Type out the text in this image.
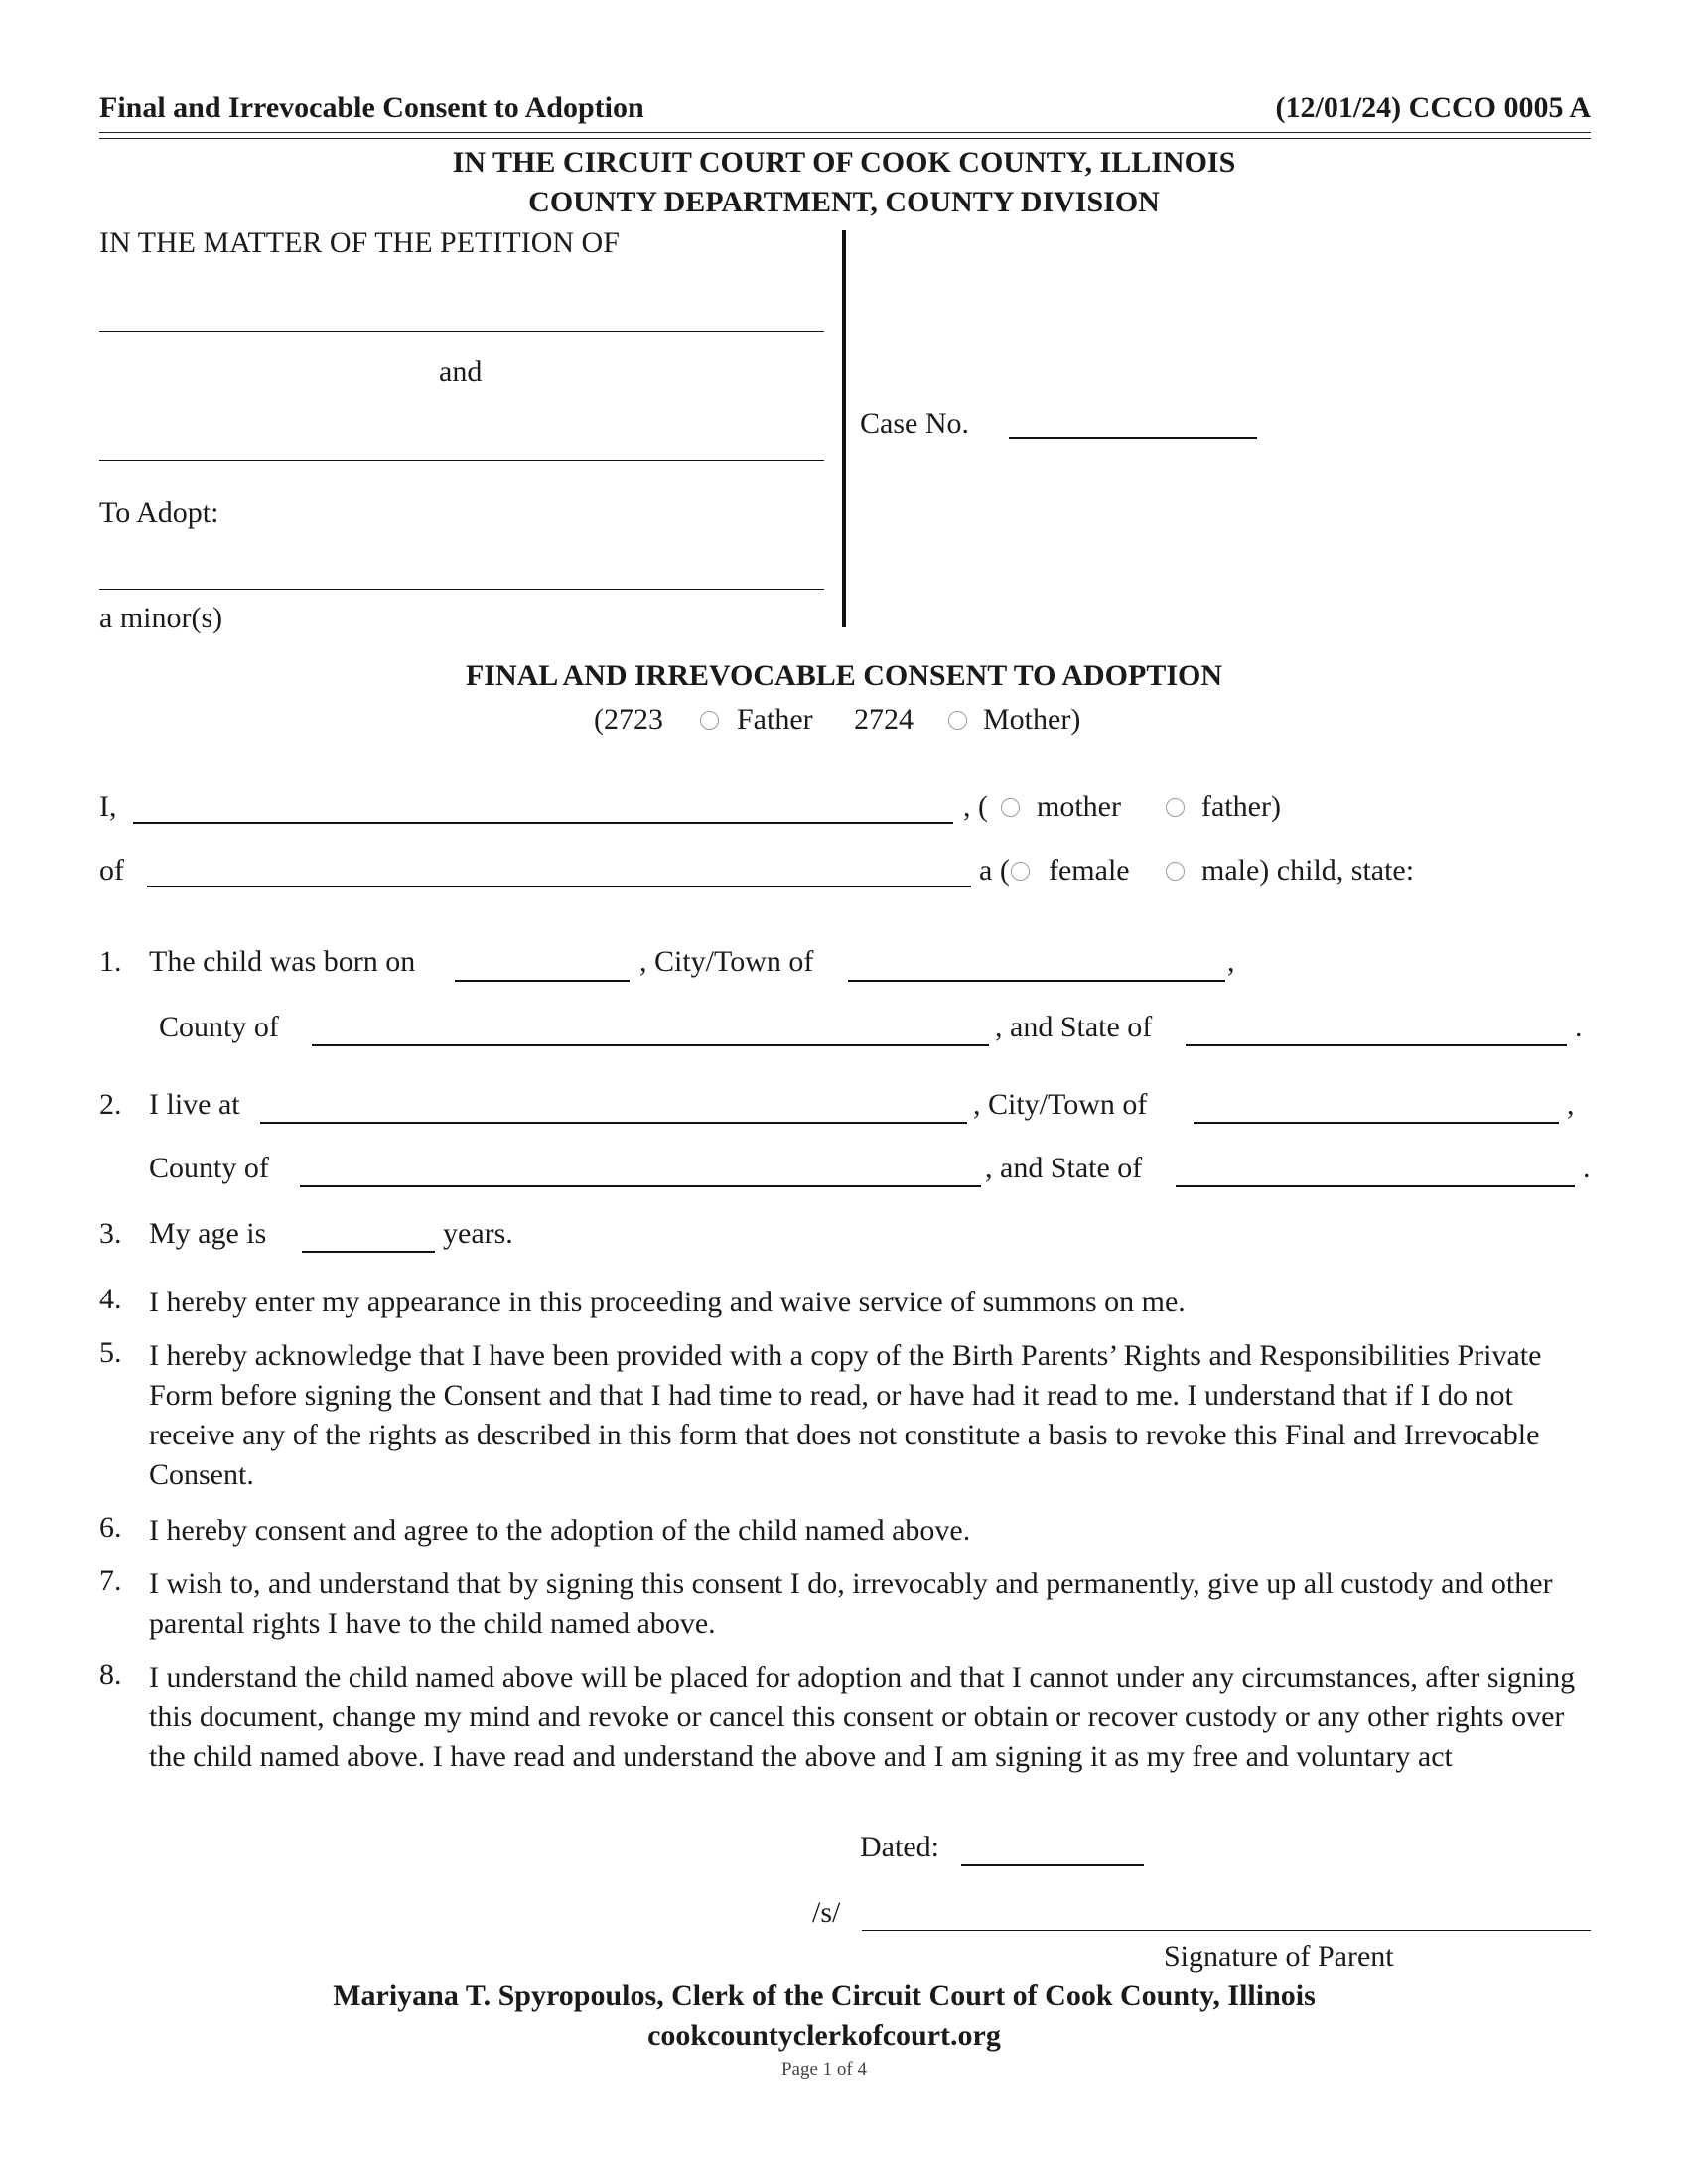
Final and Irrevocable Consent to Adoption	(12/01/24) CCCO 0005 A
IN THE CIRCUIT COURT OF COOK COUNTY, ILLINOIS
COUNTY DEPARTMENT, COUNTY DIVISION
IN THE MATTER OF THE PETITION OF
and
To Adopt:
a minor(s)
Case No.
FINAL AND IRREVOCABLE CONSENT TO ADOPTION
(2723 Father 2724 Mother)
I,	, ( mother	father)
of	a ( female male) child, state:
1. The child was born on	, City/Town of	,
County of	, and State of	.
2. I live at	, City/Town of	,
County of	, and State of	.
3. My age is	years.
4. I hereby enter my appearance in this proceeding and waive service of summons on me.
5. I hereby acknowledge that I have been provided with a copy of the Birth Parents’ Rights and Responsibilities Private Form before signing the Consent and that I had time to read, or have had it read to me. I understand that if I do not receive any of the rights as described in this form that does not constitute a basis to revoke this Final and Irrevocable Consent.
6. I hereby consent and agree to the adoption of the child named above.
7. I wish to, and understand that by signing this consent I do, irrevocably and permanently, give up all custody and other parental rights I have to the child named above.
8. I understand the child named above will be placed for adoption and that I cannot under any circumstances, after signing this document, change my mind and revoke or cancel this consent or obtain or recover custody or any other rights over the child named above. I have read and understand the above and I am signing it as my free and voluntary act
Dated:
/s/
Signature of Parent
Mariyana T. Spyropoulos, Clerk of the Circuit Court of Cook County, Illinois
cookcountyclerkofcourt.org
Page 1 of 4
